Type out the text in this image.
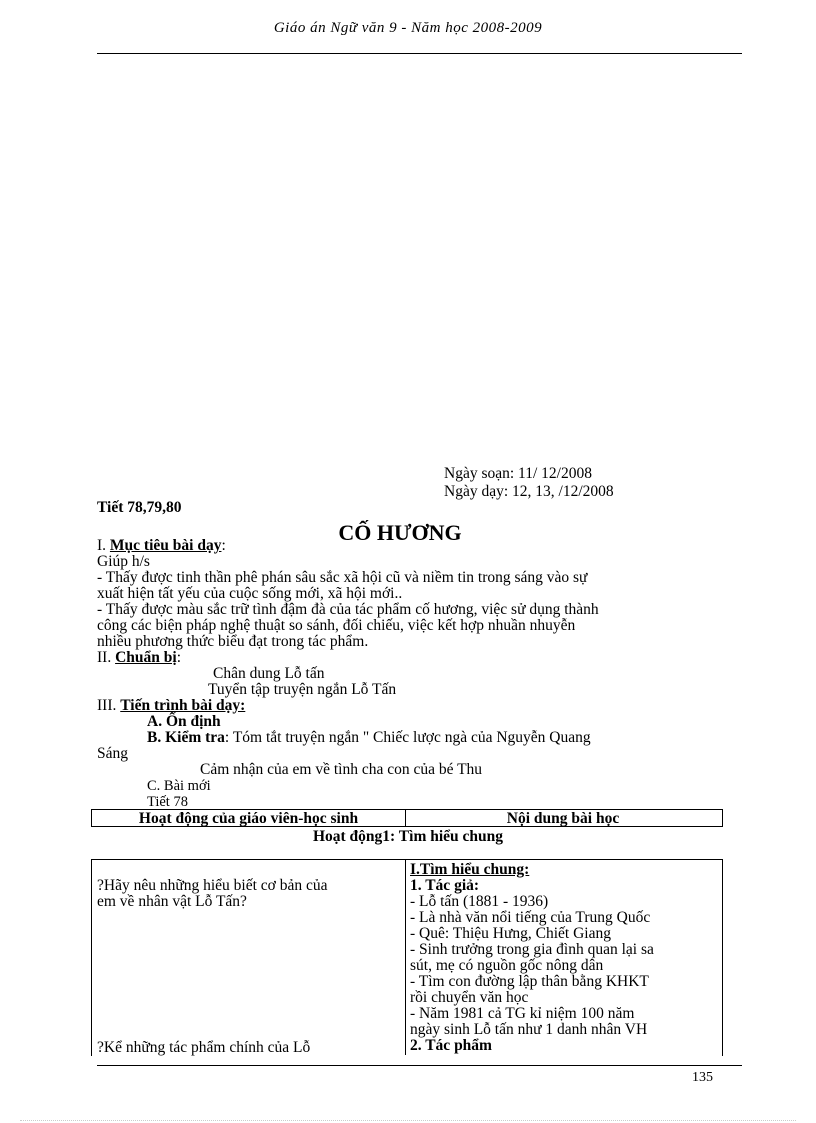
Giáo án Ngữ văn 9 - Năm học 2008-2009
Ngày soạn: 11/ 12/2008
Ngày dạy: 12, 13, /12/2008
Tiết 78,79,80
CỐ HƯƠNG
I. Mục tiêu bài dạy:
Giúp h/s
- Thấy được tinh thần phê phán sâu sắc xã hội cũ và niềm tin trong sáng vào sự
xuất hiện tất yếu của cuộc sống mới, xã hội mới..
- Thấy được màu sắc trữ tình đậm đà của tác phẩm cố hương, việc sử dụng thành
công các biện pháp nghệ thuật so sánh, đối chiếu, việc kết hợp nhuần nhuyễn
nhiều phương thức biểu đạt trong tác phẩm.
II. Chuẩn bị:
Chân dung Lỗ tấn
Tuyển tập truyện ngắn Lỗ Tấn
III. Tiến trình bài dạy:
A. Ổn định
B. Kiểm tra: Tóm tắt truyện ngắn " Chiếc lược ngà của Nguyễn Quang
Sáng
Cảm nhận của em về tình cha con của bé Thu
C. Bài mới
Tiết 78
Hoạt động của giáo viên-học sinh	Nội dung bài học
Hoạt động1: Tìm hiểu chung
?Hãy nêu những hiểu biết cơ bản của
em về nhân vật Lỗ Tấn?
?Kể những tác phẩm chính của Lỗ
I.Tìm hiểu chung:
1. Tác giả:
- Lỗ tấn (1881 - 1936)
- Là nhà văn nổi tiếng của Trung Quốc
- Quê: Thiệu Hưng, Chiết Giang
- Sinh trưởng trong gia đình quan lại sa
sút, mẹ có nguồn gốc nông dân
- Tìm con đường lập thân bằng KHKT
rồi chuyển văn học
- Năm 1981 cả TG kỉ niệm 100 năm
ngày sinh Lỗ tấn như 1 danh nhân VH
2. Tác phẩm
135
